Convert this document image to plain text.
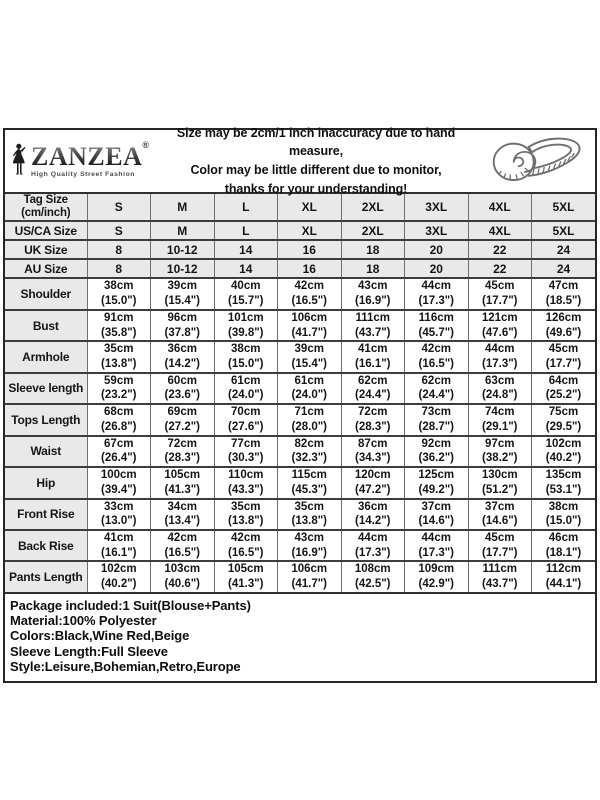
ZANZEA®
High Quality Street Fashion
Size may be 2cm/1 inch inaccuracy due to hand measure,
Color may be little different due to monitor,
thanks for your understanding!
Tag Size
(cm/inch)	S	M	L	XL	2XL	3XL	4XL	5XL
US/CA Size	S	M	L	XL	2XL	3XL	4XL	5XL
UK Size	8	10-12	14	16	18	20	22	24
AU Size	8	10-12	14	16	18	20	22	24
Shoulder	38cm
(15.0")	39cm
(15.4")	40cm
(15.7")	42cm
(16.5")	43cm
(16.9")	44cm
(17.3")	45cm
(17.7")	47cm
(18.5")
Bust	91cm
(35.8")	96cm
(37.8")	101cm
(39.8")	106cm
(41.7")	111cm
(43.7")	116cm
(45.7")	121cm
(47.6")	126cm
(49.6")
Armhole	35cm
(13.8")	36cm
(14.2")	38cm
(15.0")	39cm
(15.4")	41cm
(16.1")	42cm
(16.5")	44cm
(17.3")	45cm
(17.7")
Sleeve length	59cm
(23.2")	60cm
(23.6")	61cm
(24.0")	61cm
(24.0")	62cm
(24.4")	62cm
(24.4")	63cm
(24.8")	64cm
(25.2")
Tops Length	68cm
(26.8")	69cm
(27.2")	70cm
(27.6")	71cm
(28.0")	72cm
(28.3")	73cm
(28.7")	74cm
(29.1")	75cm
(29.5")
Waist	67cm
(26.4")	72cm
(28.3")	77cm
(30.3")	82cm
(32.3")	87cm
(34.3")	92cm
(36.2")	97cm
(38.2")	102cm
(40.2")
Hip	100cm
(39.4")	105cm
(41.3")	110cm
(43.3")	115cm
(45.3")	120cm
(47.2")	125cm
(49.2")	130cm
(51.2")	135cm
(53.1")
Front Rise	33cm
(13.0")	34cm
(13.4")	35cm
(13.8")	35cm
(13.8")	36cm
(14.2")	37cm
(14.6")	37cm
(14.6")	38cm
(15.0")
Back Rise	41cm
(16.1")	42cm
(16.5")	42cm
(16.5")	43cm
(16.9")	44cm
(17.3")	44cm
(17.3")	45cm
(17.7")	46cm
(18.1")
Pants Length	102cm
(40.2")	103cm
(40.6")	105cm
(41.3")	106cm
(41.7")	108cm
(42.5")	109cm
(42.9")	111cm
(43.7")	112cm
(44.1")
Package included:1 Suit(Blouse+Pants)
Material:100% Polyester
Colors:Black,Wine Red,Beige
Sleeve Length:Full Sleeve
Style:Leisure,Bohemian,Retro,Europe
